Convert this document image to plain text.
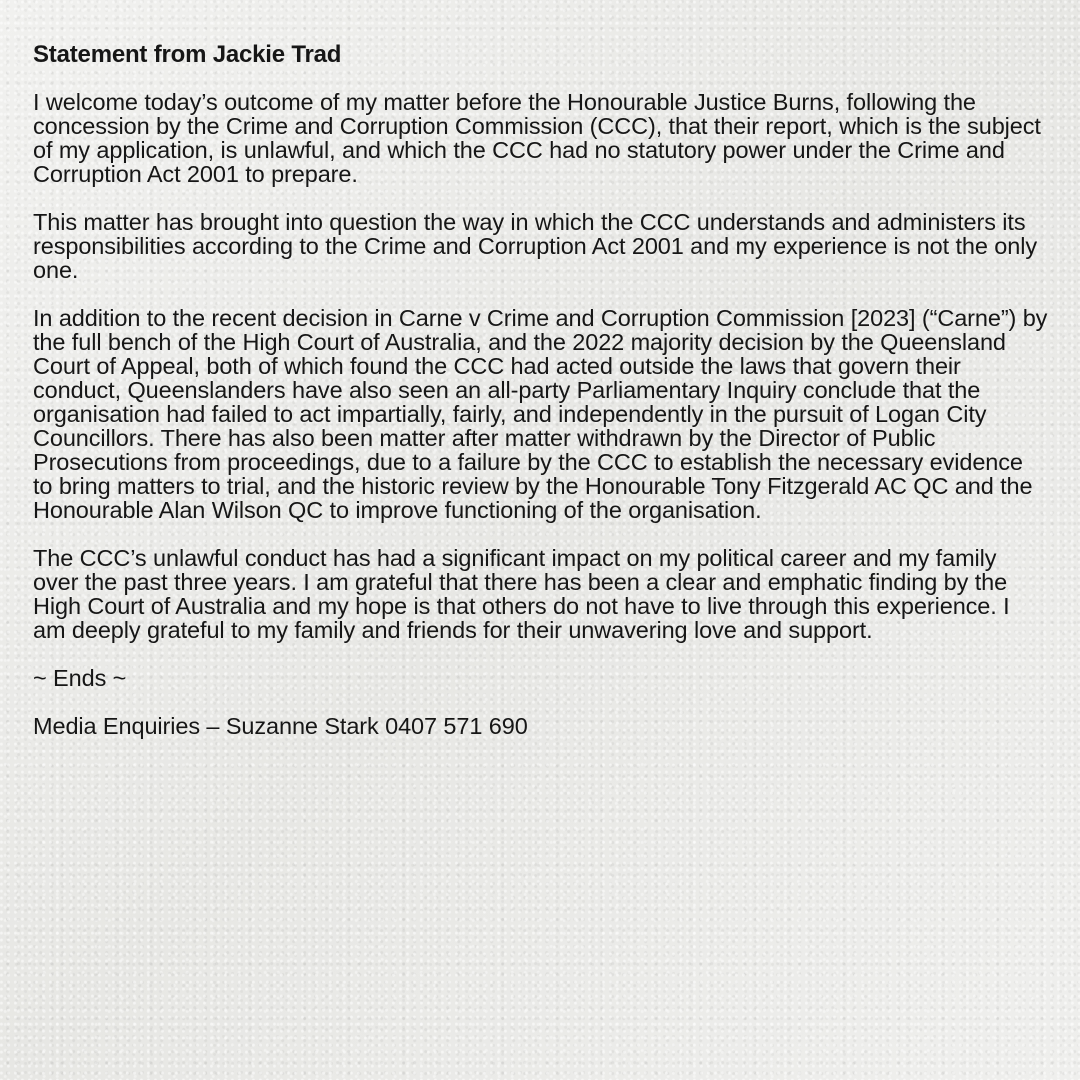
Statement from Jackie Trad

I welcome today’s outcome of my matter before the Honourable Justice Burns, following the concession by the Crime and Corruption Commission (CCC), that their report, which is the subject of my application, is unlawful, and which the CCC had no statutory power under the Crime and Corruption Act 2001 to prepare.

This matter has brought into question the way in which the CCC understands and administers its responsibilities according to the Crime and Corruption Act 2001 and my experience is not the only one.

In addition to the recent decision in Carne v Crime and Corruption Commission [2023] (“Carne”) by the full bench of the High Court of Australia, and the 2022 majority decision by the Queensland Court of Appeal, both of which found the CCC had acted outside the laws that govern their conduct, Queenslanders have also seen an all-party Parliamentary Inquiry conclude that the organisation had failed to act impartially, fairly, and independently in the pursuit of Logan City Councillors. There has also been matter after matter withdrawn by the Director of Public Prosecutions from proceedings, due to a failure by the CCC to establish the necessary evidence to bring matters to trial, and the historic review by the Honourable Tony Fitzgerald AC QC and the Honourable Alan Wilson QC to improve functioning of the organisation.

The CCC’s unlawful conduct has had a significant impact on my political career and my family over the past three years. I am grateful that there has been a clear and emphatic finding by the High Court of Australia and my hope is that others do not have to live through this experience. I am deeply grateful to my family and friends for their unwavering love and support.

~ Ends ~

Media Enquiries – Suzanne Stark 0407 571 690
